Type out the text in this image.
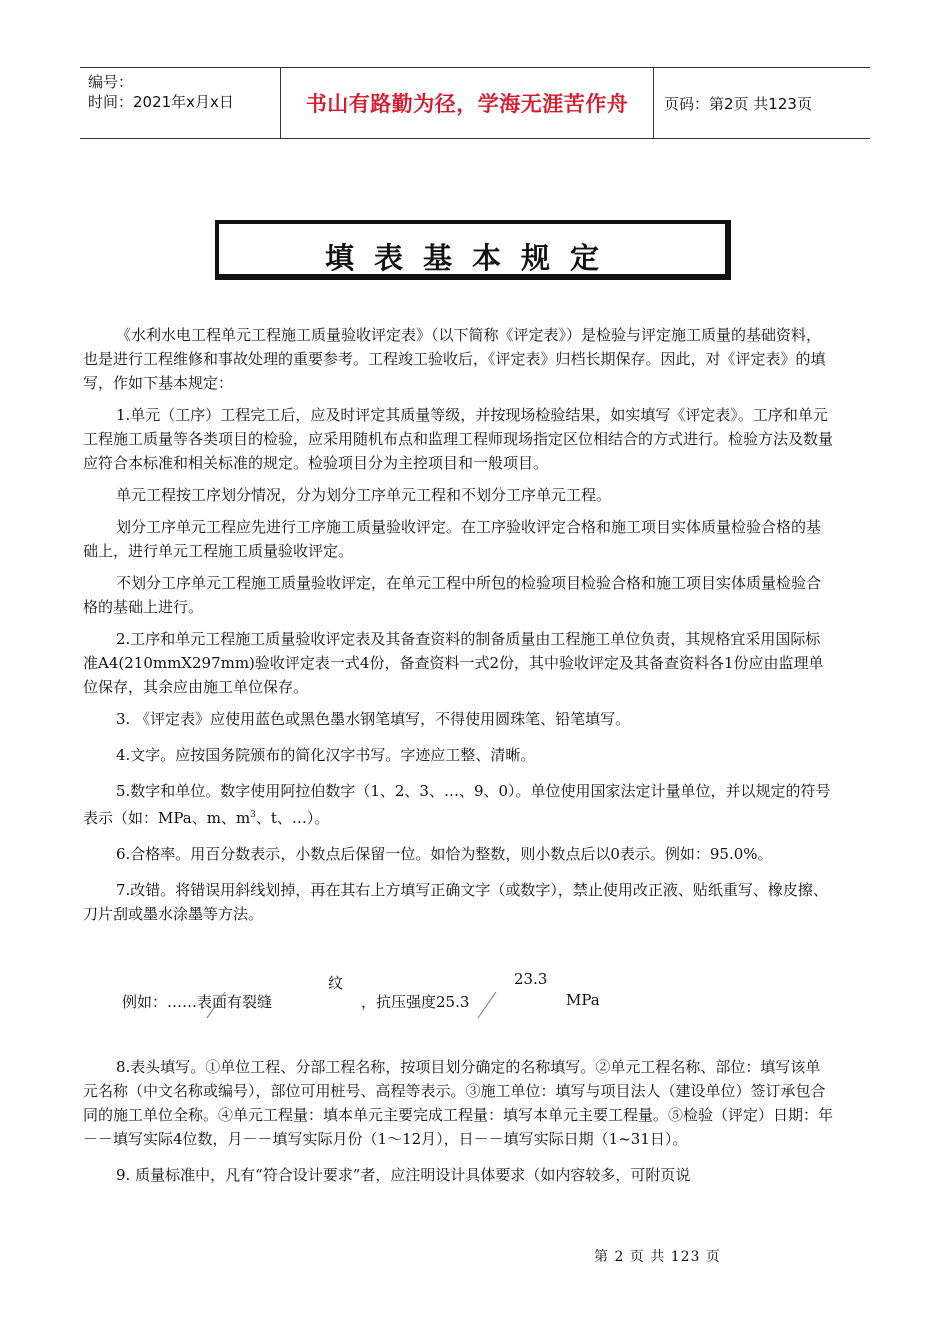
编号：
时间：2021年x月x日	书山有路勤为径，学海无涯苦作舟 页码：第2页 共123页
填表基本规定

《水利水电工程单元工程施工质量验收评定表》（以下简称《评定表》）是检验与评定施工质量的基础资料，也是进行工程维修和事故处理的重要参考。工程竣工验收后，《评定表》归档长期保存。因此，对《评定表》的填写，作如下基本规定：

1.单元（工序）工程完工后，应及时评定其质量等级，并按现场检验结果，如实填写《评定表》。工序和单元工程施工质量等各类项目的检验，应采用随机布点和监理工程师现场指定区位相结合的方式进行。检验方法及数量应符合本标准和相关标准的规定。检验项目分为主控项目和一般项目。

单元工程按工序划分情况，分为划分工序单元工程和不划分工序单元工程。

划分工序单元工程应先进行工序施工质量验收评定。在工序验收评定合格和施工项目实体质量检验合格的基础上，进行单元工程施工质量验收评定。

不划分工序单元工程施工质量验收评定，在单元工程中所包的检验项目检验合格和施工项目实体质量检验合格的基础上进行。

2.工序和单元工程施工质量验收评定表及其备查资料的制备质量由工程施工单位负责，其规格宜采用国际标准A4(210mmX297mm)验收评定表一式4份，备查资料一式2份，其中验收评定及其备查资料各1份应由监理单位保存，其余应由施工单位保存。

3. 《评定表》应使用蓝色或黑色墨水钢笔填写，不得使用圆珠笔、铅笔填写。

4.文字。应按国务院颁布的简化汉字书写。字迹应工整、清晰。

5.数字和单位。数字使用阿拉伯数字（1、2、3、…、9、0）。单位使用国家法定计量单位，并以规定的符号表示（如：MPa、m、$m^3$、t、…）。

6.合格率。用百分数表示，小数点后保留一位。如恰为整数，则小数点后以0表示。例如：95.0%。

7.改错。将错误用斜线划掉，再在其右上方填写正确文字（或数字），禁止使用改正液、贴纸重写、橡皮擦、刀片刮或墨水涂墨等方法。

例如：……表面有裂缝
纹
，抗压强度25.3
23.3
MPa

8.表头填写。①单位工程、分部工程名称，按项目划分确定的名称填写。②单元工程名称、部位：填写该单元名称（中文名称或编号），部位可用桩号、高程等表示。③施工单位：填写与项目法人（建设单位）签订承包合同的施工单位全称。④单元工程量：填本单元主要完成工程量：填写本单元主要工程量。⑤检验（评定）日期：年－－填写实际4位数，月－－填写实际月份（1～12月），日－－填写实际日期（1~31日）。

9. 质量标准中，凡有“符合设计要求”者，应注明设计具体要求（如内容较多，可附页说

第 2 页 共 123 页
